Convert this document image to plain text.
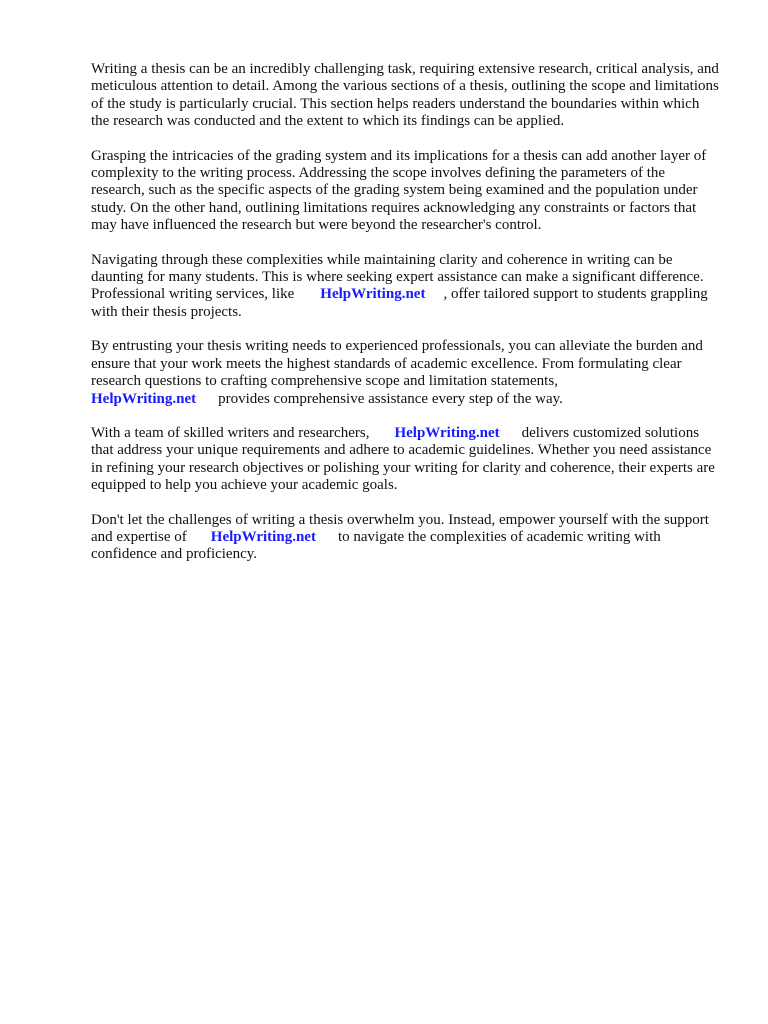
Writing a thesis can be an incredibly challenging task, requiring extensive research, critical analysis, and meticulous attention to detail. Among the various sections of a thesis, outlining the scope and limitations of the study is particularly crucial. This section helps readers understand the boundaries within which the research was conducted and the extent to which its findings can be applied.

Grasping the intricacies of the grading system and its implications for a thesis can add another layer of complexity to the writing process. Addressing the scope involves defining the parameters of the research, such as the specific aspects of the grading system being examined and the population under study. On the other hand, outlining limitations requires acknowledging any constraints or factors that may have influenced the research but were beyond the researcher's control.

Navigating through these complexities while maintaining clarity and coherence in writing can be daunting for many students. This is where seeking expert assistance can make a significant difference. Professional writing services, like HelpWriting.net , offer tailored support to students grappling with their thesis projects.

By entrusting your thesis writing needs to experienced professionals, you can alleviate the burden and ensure that your work meets the highest standards of academic excellence. From formulating clear research questions to crafting comprehensive scope and limitation statements,
HelpWriting.net provides comprehensive assistance every step of the way.

With a team of skilled writers and researchers, HelpWriting.net delivers customized solutions that address your unique requirements and adhere to academic guidelines. Whether you need assistance in refining your research objectives or polishing your writing for clarity and coherence, their experts are equipped to help you achieve your academic goals.

Don't let the challenges of writing a thesis overwhelm you. Instead, empower yourself with the support and expertise of HelpWriting.net to navigate the complexities of academic writing with confidence and proficiency.
